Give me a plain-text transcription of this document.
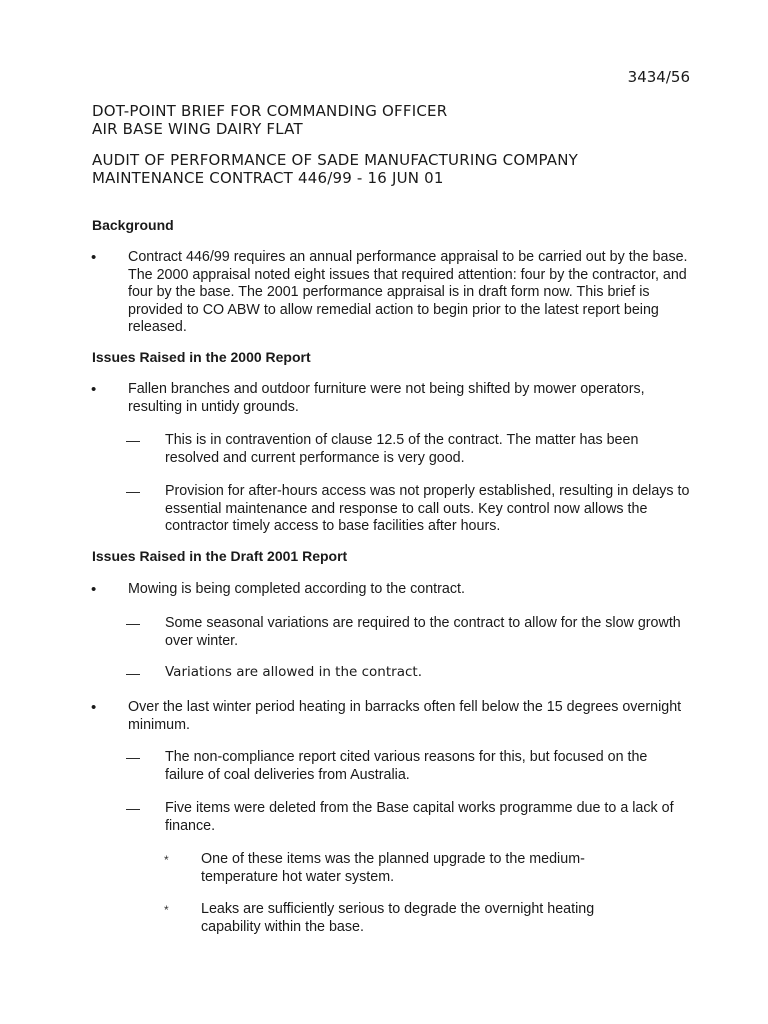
3434/56
DOT-POINT BRIEF FOR COMMANDING OFFICER
AIR BASE WING DAIRY FLAT
AUDIT OF PERFORMANCE OF SADE MANUFACTURING COMPANY
MAINTENANCE CONTRACT 446/99 - 16 JUN 01
Background
• Contract 446/99 requires an annual performance appraisal to be carried out by the base. The 2000 appraisal noted eight issues that required attention: four by the contractor, and four by the base. The 2001 performance appraisal is in draft form now. This brief is provided to CO ABW to allow remedial action to begin prior to the latest report being released.
Issues Raised in the 2000 Report
• Fallen branches and outdoor furniture were not being shifted by mower operators, resulting in untidy grounds.
— This is in contravention of clause 12.5 of the contract. The matter has been resolved and current performance is very good.
— Provision for after-hours access was not properly established, resulting in delays to essential maintenance and response to call outs. Key control now allows the contractor timely access to base facilities after hours.
Issues Raised in the Draft 2001 Report
• Mowing is being completed according to the contract.
— Some seasonal variations are required to the contract to allow for the slow growth over winter.
— Variations are allowed in the contract.
• Over the last winter period heating in barracks often fell below the 15 degrees overnight minimum.
— The non-compliance report cited various reasons for this, but focused on the failure of coal deliveries from Australia.
— Five items were deleted from the Base capital works programme due to a lack of finance.
* One of these items was the planned upgrade to the medium-temperature hot water system.
* Leaks are sufficiently serious to degrade the overnight heating capability within the base.
